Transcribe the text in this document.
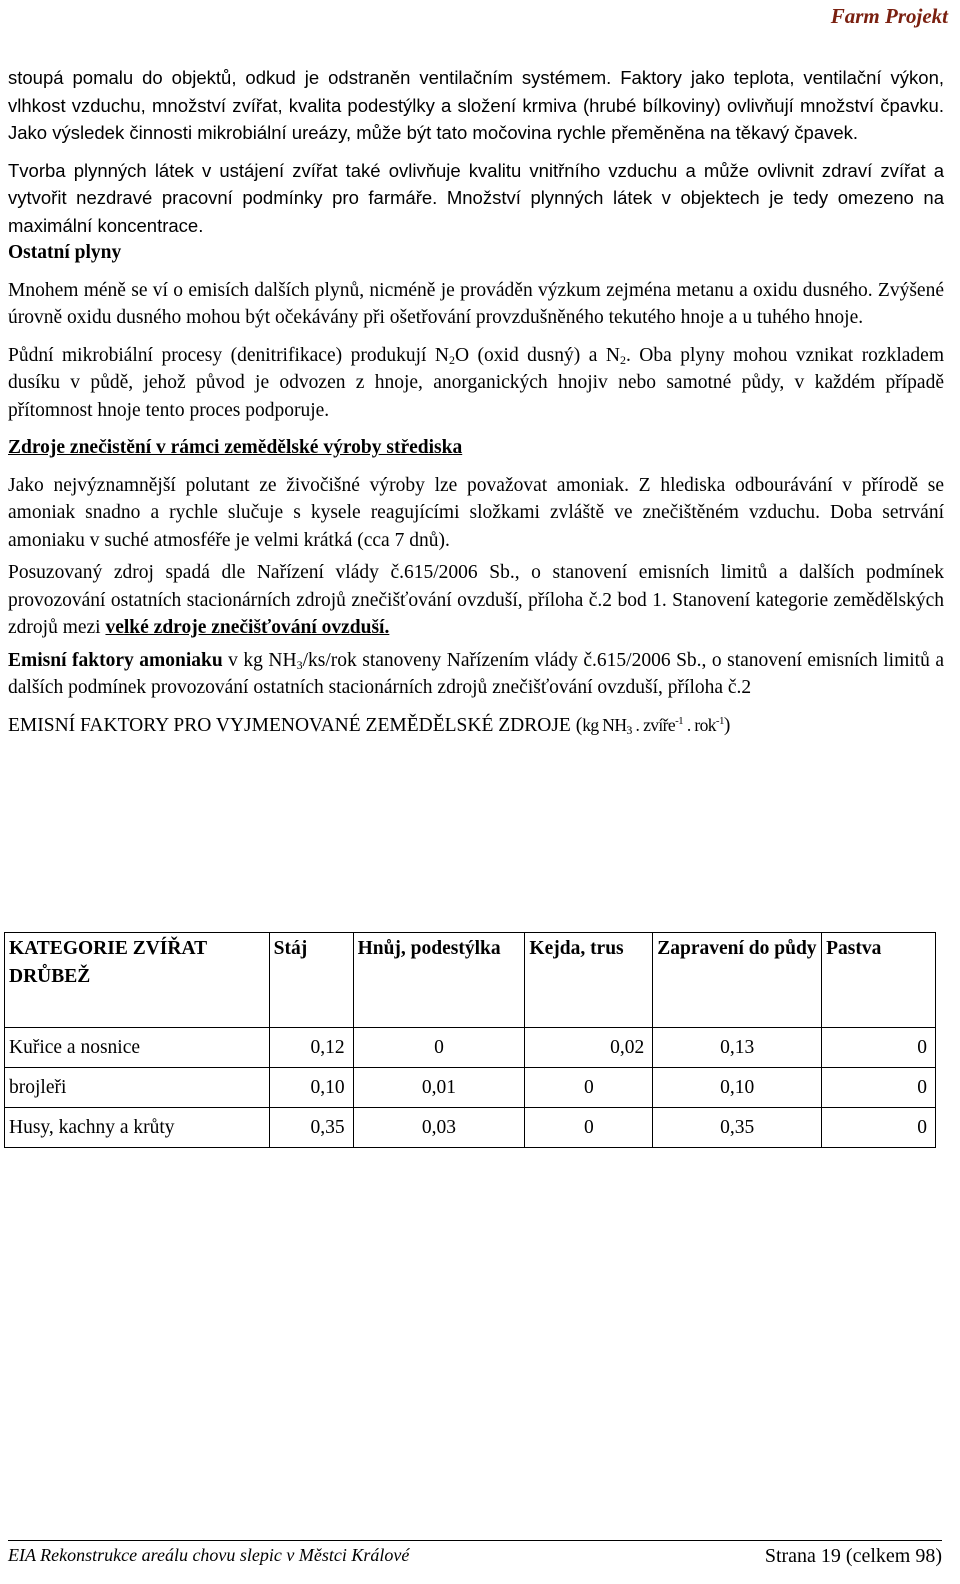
Farm Projekt

stoupá pomalu do objektů, odkud je odstraněn ventilačním systémem. Faktory jako teplota, ventilační výkon, vlhkost vzduchu, množství zvířat, kvalita podestýlky a složení krmiva (hrubé bílkoviny) ovlivňují množství čpavku. Jako výsledek činnosti mikrobiální ureázy, může být tato močovina rychle přeměněna na těkavý čpavek.

Tvorba plynných látek v ustájení zvířat také ovlivňuje kvalitu vnitřního vzduchu a může ovlivnit zdraví zvířat a vytvořit nezdravé pracovní podmínky pro farmáře. Množství plynných látek v objektech je tedy omezeno na maximální koncentrace.

Ostatní plyny

Mnohem méně se ví o emisích dalších plynů, nicméně je prováděn výzkum zejména metanu a oxidu dusného. Zvýšené úrovně oxidu dusného mohou být očekávány při ošetřování provzdušněného tekutého hnoje a u tuhého hnoje.

Půdní mikrobiální procesy (denitrifikace) produkují $N_2O$ (oxid dusný) a $N_2$. Oba plyny mohou vznikat rozkladem dusíku v půdě, jehož původ je odvozen z hnoje, anorganických hnojiv nebo samotné půdy, v každém případě přítomnost hnoje tento proces podporuje.

Zdroje znečistění v rámci zemědělské výroby střediska

Jako nejvýznamnější polutant ze živočišné výroby lze považovat amoniak. Z hlediska odbourávání v přírodě se amoniak snadno a rychle slučuje s kysele reagujícími složkami zvláště ve znečištěném vzduchu. Doba setrvání amoniaku v suché atmosféře je velmi krátká (cca 7 dnů).

Posuzovaný zdroj spadá dle Nařízení vlády č.615/2006 Sb., o stanovení emisních limitů a dalších podmínek provozování ostatních stacionárních zdrojů znečišťování ovzduší, příloha č.2 bod 1. Stanovení kategorie zemědělských zdrojů mezi velké zdroje znečišťování ovzduší.

Emisní faktory amoniaku v kg $NH_3/ks$/rok stanoveny Nařízením vlády č.615/2006 Sb., o stanovení emisních limitů a dalších podmínek provozování ostatních stacionárních zdrojů znečišťování ovzduší, příloha č.2

EMISNÍ FAKTORY PRO VYJMENOVANÉ ZEMĚDĚLSKÉ ZDROJE (kg $NH_3$ . zvíře$^{-1}$ . rok$^{-1}$)

KATEGORIE ZVÍŘAT DRŮBEŽ	Stáj	Hnůj, podestýlka	Kejda, trus	Zapravení do půdy	Pastva
Kuřice a nosnice	0,12	0	0,02	0,13	0
brojleři	0,10	0,01	0	0,10	0
Husy, kachny a krůty	0,35	0,03	0	0,35	0
EIA Rekonstrukce areálu chovu slepic v Městci Králové	Strana 19 (celkem 98)
